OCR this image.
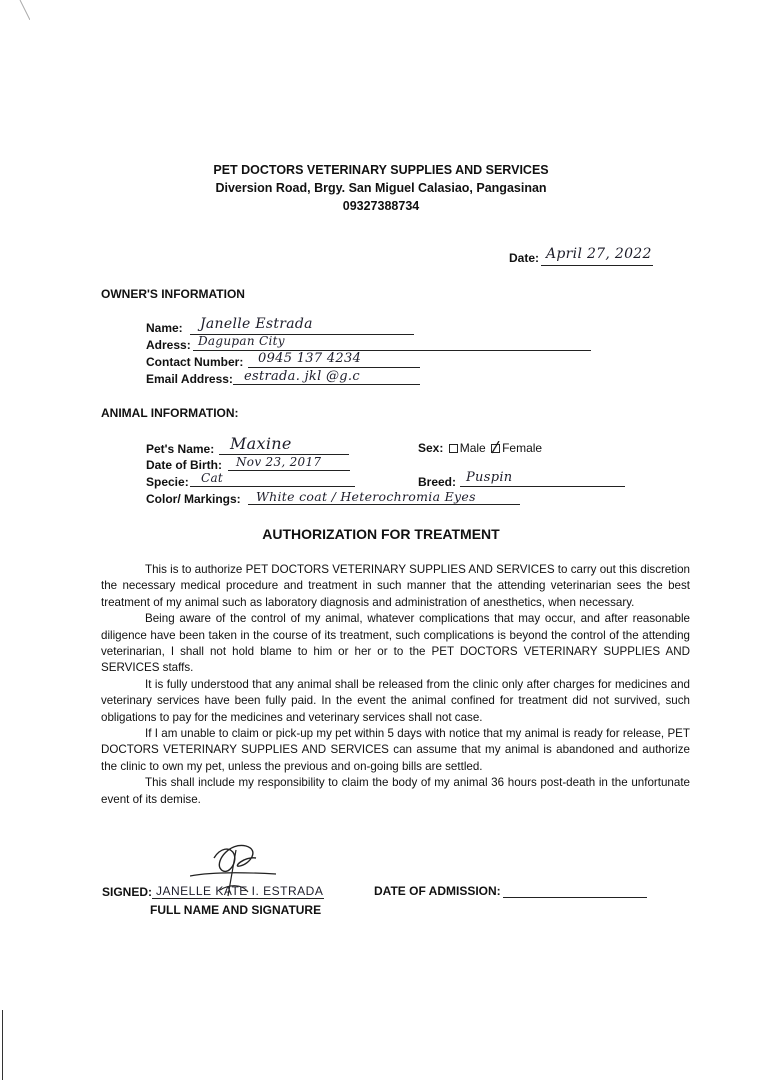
PET DOCTORS VETERINARY SUPPLIES AND SERVICES
Diversion Road, Brgy. San Miguel Calasiao, Pangasinan
09327388734
Date: April 27, 2022
OWNER'S INFORMATION
Name: Janelle Estrada
Adress: Dagupan City
Contact Number: 0945 137 4234
Email Address: estrada. jkl @g.c
ANIMAL INFORMATION:
Pet's Name: Maxine	Sex: Male Female
Date of Birth: Nov 23, 2017
Specie: Cat	Breed: Puspin
Color/ Markings: White coat / Heterochromia Eyes
AUTHORIZATION FOR TREATMENT
This is to authorize PET DOCTORS VETERINARY SUPPLIES AND SERVICES to carry out this discretion the necessary medical procedure and treatment in such manner that the attending veterinarian sees the best treatment of my animal such as laboratory diagnosis and administration of anesthetics, when necessary.
Being aware of the control of my animal, whatever complications that may occur, and after reasonable diligence have been taken in the course of its treatment, such complications is beyond the control of the attending veterinarian, I shall not hold blame to him or her or to the PET DOCTORS VETERINARY SUPPLIES AND SERVICES staffs.
It is fully understood that any animal shall be released from the clinic only after charges for medicines and veterinary services have been fully paid. In the event the animal confined for treatment did not survived, such obligations to pay for the medicines and veterinary services shall not case.
If I am unable to claim or pick-up my pet within 5 days with notice that my animal is ready for release, PET DOCTORS VETERINARY SUPPLIES AND SERVICES can assume that my animal is abandoned and authorize the clinic to own my pet, unless the previous and on-going bills are settled.
This shall include my responsibility to claim the body of my animal 36 hours post-death in the unfortunate event of its demise.
SIGNED: JANELLE KATE I. ESTRADA
FULL NAME AND SIGNATURE
DATE OF ADMISSION:
